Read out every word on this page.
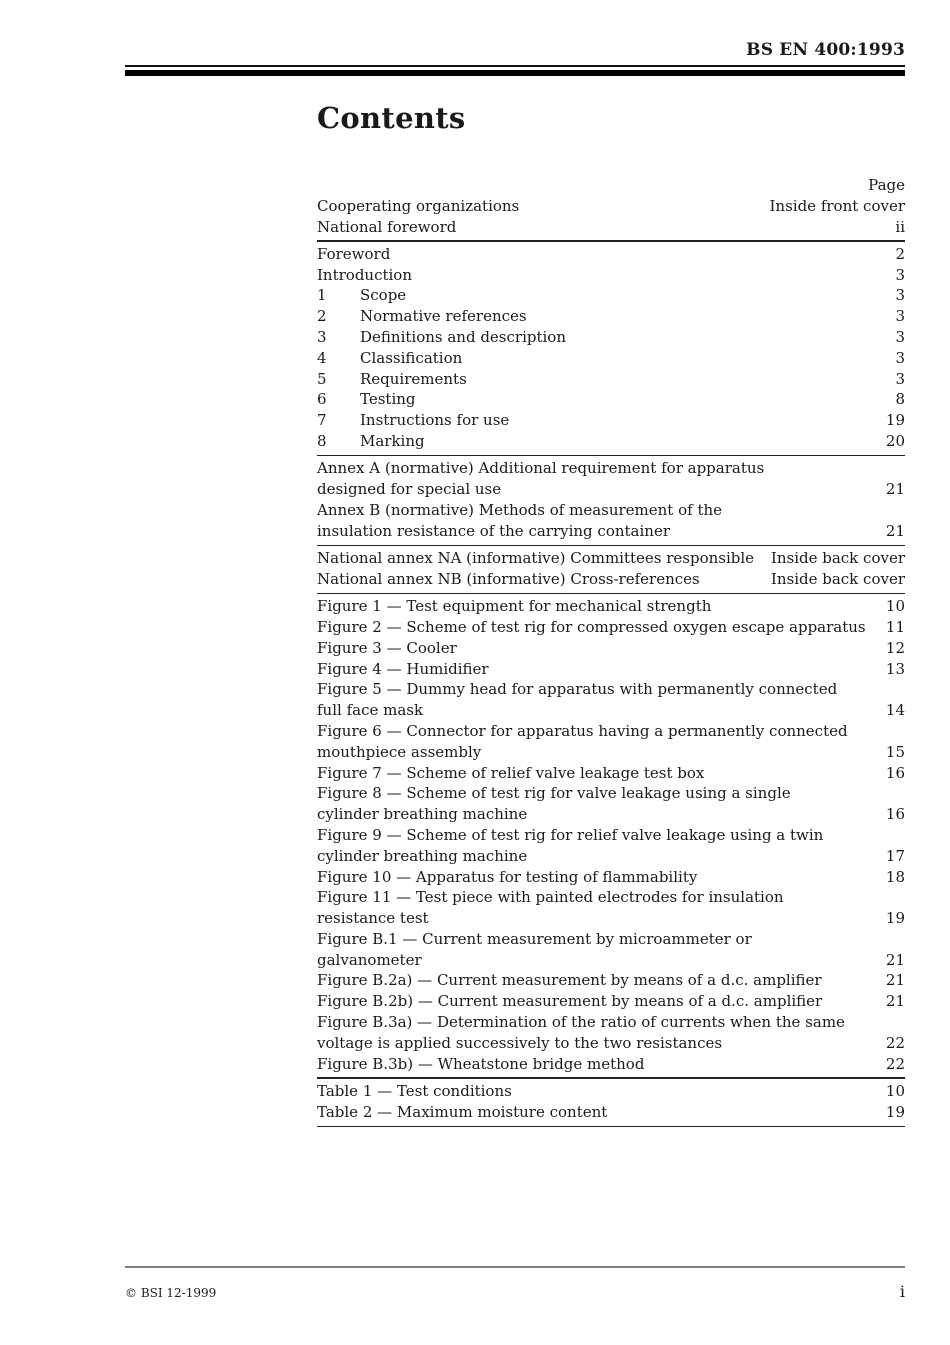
BS EN 400:1993
Contents
Page
Cooperating organizations	Inside front cover
National foreword	ii
Foreword	2
Introduction	3
1	Scope	3
2	Normative references	3
3	Definitions and description	3
4	Classification	3
5	Requirements	3
6	Testing	8
7	Instructions for use	19
8	Marking	20
Annex A (normative) Additional requirement for apparatus
designed for special use	21
Annex B (normative) Methods of measurement of the
insulation resistance of the carrying container	21
National annex NA (informative) Committees responsible	Inside back cover
National annex NB (informative) Cross-references	Inside back cover
Figure 1 — Test equipment for mechanical strength	10
Figure 2 — Scheme of test rig for compressed oxygen escape apparatus	11
Figure 3 — Cooler	12
Figure 4 — Humidifier	13
Figure 5 — Dummy head for apparatus with permanently connected
full face mask	14
Figure 6 — Connector for apparatus having a permanently connected
mouthpiece assembly	15
Figure 7 — Scheme of relief valve leakage test box	16
Figure 8 — Scheme of test rig for valve leakage using a single
cylinder breathing machine	16
Figure 9 — Scheme of test rig for relief valve leakage using a twin
cylinder breathing machine	17
Figure 10 — Apparatus for testing of flammability	18
Figure 11 — Test piece with painted electrodes for insulation
resistance test	19
Figure B.1 — Current measurement by microammeter or
galvanometer	21
Figure B.2a) — Current measurement by means of a d.c. amplifier	21
Figure B.2b) — Current measurement by means of a d.c. amplifier	21
Figure B.3a) — Determination of the ratio of currents when the same
voltage is applied successively to the two resistances	22
Figure B.3b) — Wheatstone bridge method	22
Table 1 — Test conditions	10
Table 2 — Maximum moisture content	19
© BSI 12-1999	i
